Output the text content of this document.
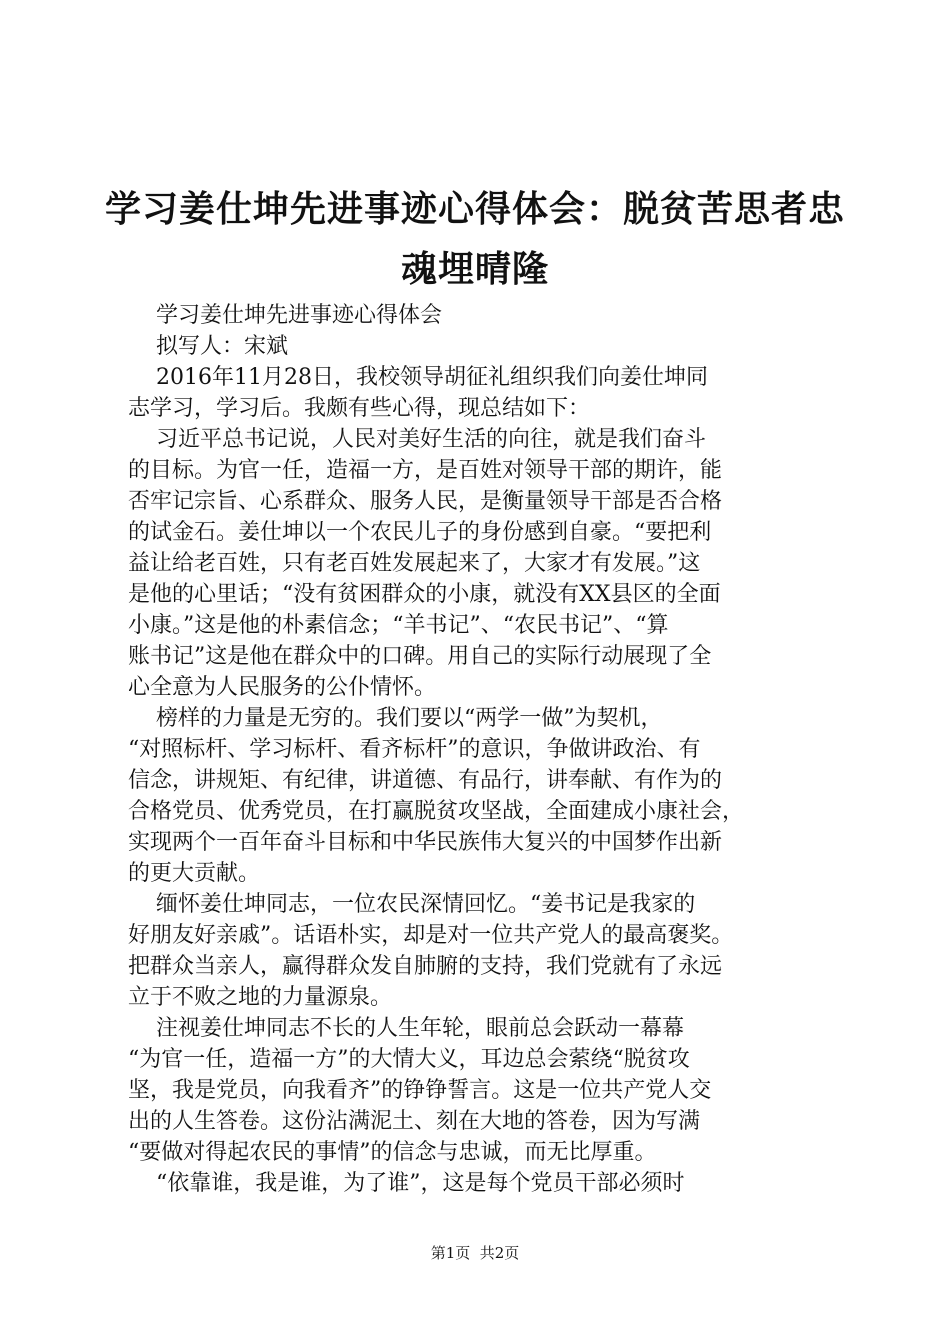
学习姜仕坤先进事迹心得体会：脱贫苦思者忠
魂埋晴隆
学习姜仕坤先进事迹心得体会
拟写人：宋斌
2016年11月28日，我校领导胡征礼组织我们向姜仕坤同
志学习，学习后。我颇有些心得，现总结如下：
习近平总书记说，人民对美好生活的向往，就是我们奋斗
的目标。为官一任，造福一方，是百姓对领导干部的期许，能
否牢记宗旨、心系群众、服务人民，是衡量领导干部是否合格
的试金石。姜仕坤以一个农民儿子的身份感到自豪。“要把利
益让给老百姓，只有老百姓发展起来了，大家才有发展。”这
是他的心里话；“没有贫困群众的小康，就没有XX县区的全面
小康。”这是他的朴素信念；“羊书记”、“农民书记”、“算
账书记”这是他在群众中的口碑。用自己的实际行动展现了全
心全意为人民服务的公仆情怀。
榜样的力量是无穷的。我们要以“两学一做”为契机，
“对照标杆、学习标杆、看齐标杆”的意识，争做讲政治、有
信念，讲规矩、有纪律，讲道德、有品行，讲奉献、有作为的
合格党员、优秀党员，在打赢脱贫攻坚战，全面建成小康社会，
实现两个一百年奋斗目标和中华民族伟大复兴的中国梦作出新
的更大贡献。
缅怀姜仕坤同志，一位农民深情回忆。“姜书记是我家的
好朋友好亲戚”。话语朴实，却是对一位共产党人的最高褒奖。
把群众当亲人，赢得群众发自肺腑的支持，我们党就有了永远
立于不败之地的力量源泉。
注视姜仕坤同志不长的人生年轮，眼前总会跃动一幕幕
“为官一任，造福一方”的大情大义，耳边总会萦绕“脱贫攻
坚，我是党员，向我看齐”的铮铮誓言。这是一位共产党人交
出的人生答卷。这份沾满泥土、刻在大地的答卷，因为写满
“要做对得起农民的事情”的信念与忠诚，而无比厚重。
“依靠谁，我是谁，为了谁”，这是每个党员干部必须时
第1页  共2页
